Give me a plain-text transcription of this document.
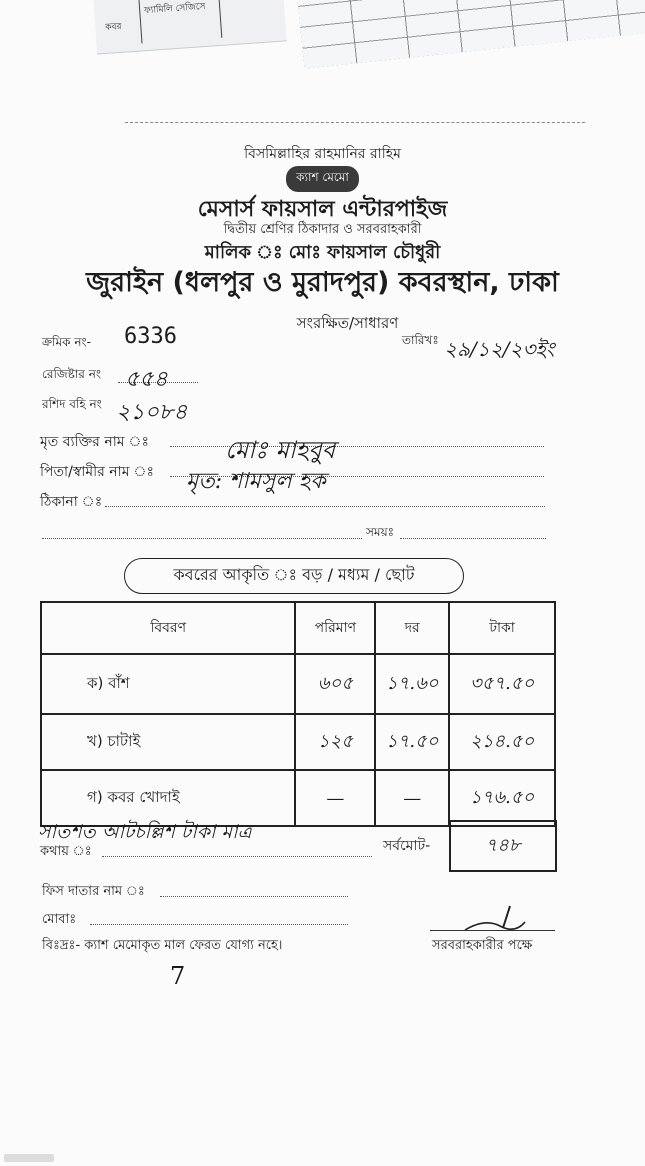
ফ্যামিলি সেজিসে
কবর
বিসমিল্লাহির রাহমানির রাহিম
ক্যাশ মেমো
মেসার্স ফায়সাল এন্টারপাইজ
দ্বিতীয় শ্রেণির ঠিকাদার ও সরবরাহকারী
মালিক ঃ মোঃ ফায়সাল চৌধুরী
জুরাইন (ধলপুর ও মুরাদপুর) কবরস্থান, ঢাকা
সংরক্ষিত/সাধারণ
ক্রমিক নং- 6336	তারিখঃ ২৯/১২/২৩ইং
রেজিষ্টার নং ৫৫৪
রশিদ বহি নং ২১০৮৪
মৃত ব্যক্তির নাম ঃ	মোঃ মাহবুব
পিতা/স্বামীর নাম ঃ মৃত: শামসুল হক
ঠিকানা ঃ
সময়ঃ
কবরের আকৃতি ঃ বড় / মধ্যম / ছোট
বিবরণ	পরিমাণ	দর	টাকা
ক) বাঁশ	৬০৫	১৭.৬০	৩৫৭.৫০
খ) চাটাই	১২৫	১৭.৫০	২১৪.৫০
গ) কবর খোদাই	—	—	১৭৬.৫০
সাতশত আটচল্লিশ টাকা মাত্র
কথায় ঃ	সর্বমোট-	৭৪৮
ফিস দাতার নাম ঃ
মোবাঃ
বিঃদ্রঃ- ক্যাশ মেমোকৃত মাল ফেরত যোগ্য নহে।	সরবরাহকারীর পক্ষে
7
